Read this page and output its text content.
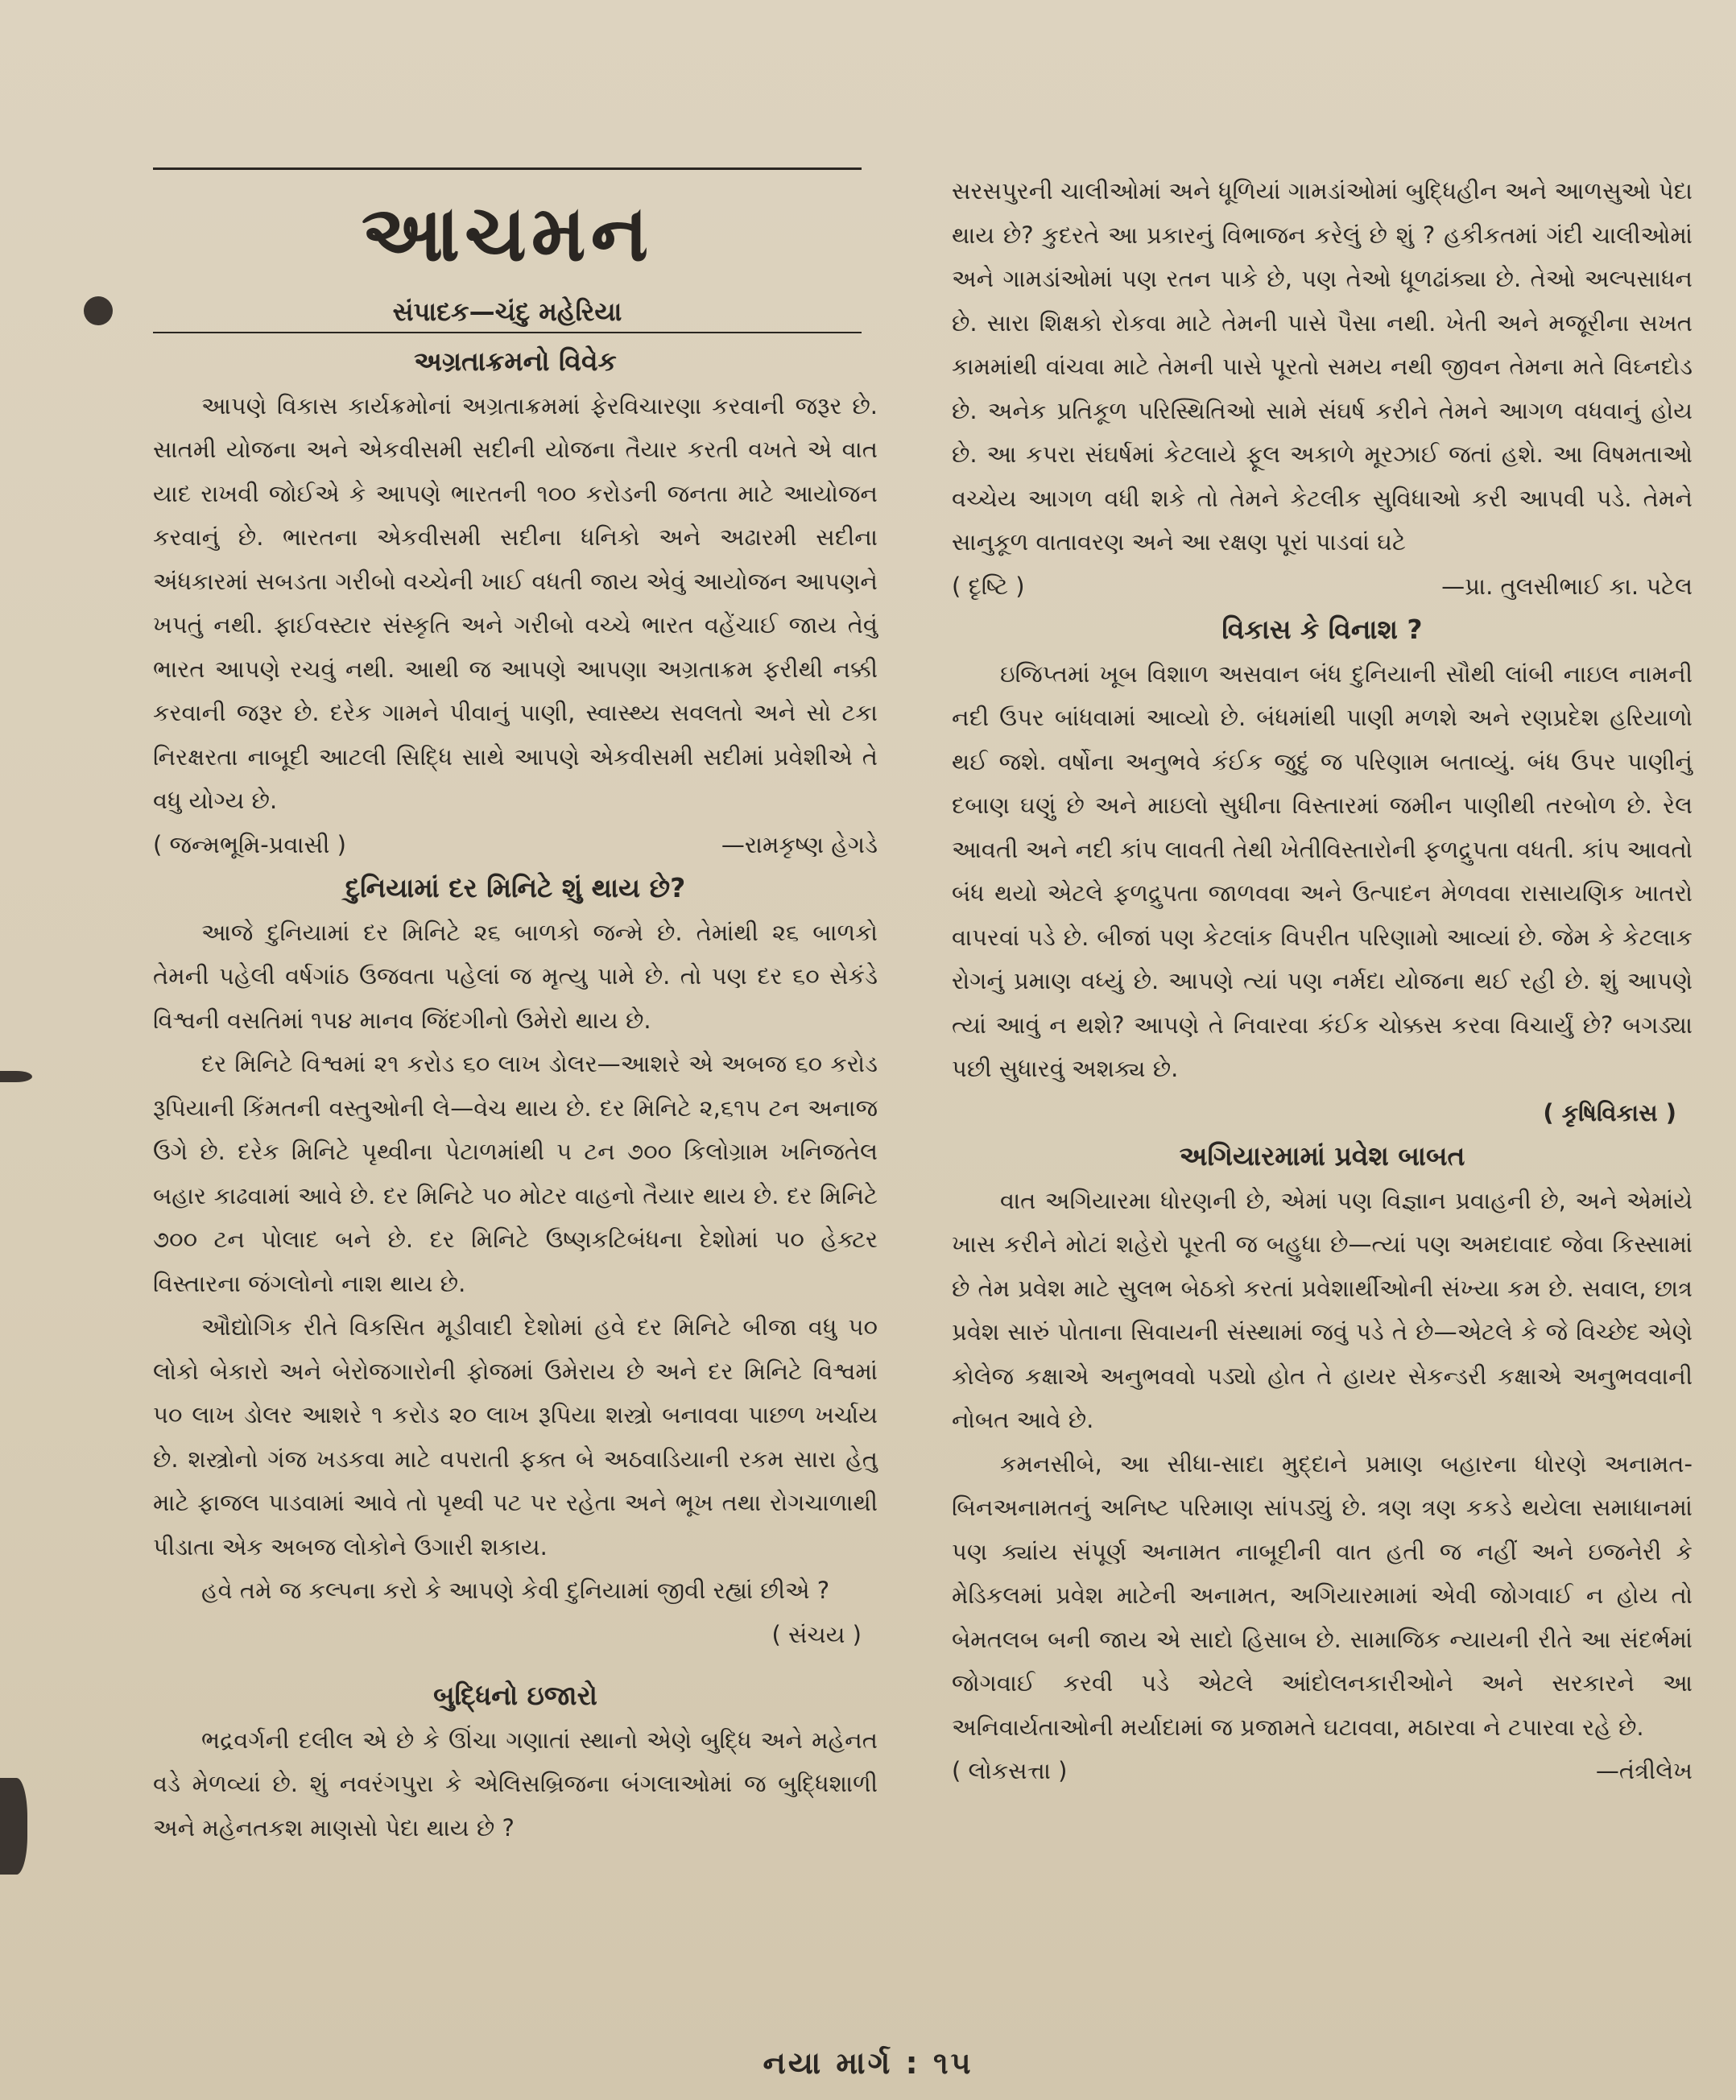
આચમન
સંપાદક—ચંદુ મહેરિયા

અગ્રતાક્રમનો વિવેક

આપણે વિકાસ કાર્યક્રમોનાં અગ્રતાક્રમમાં ફેરવિચારણા કરવાની જરૂર છે. સાતમી યોજના અને એકવીસમી સદીની યોજના તૈયાર કરતી વખતે એ વાત યાદ રાખવી જોઈએ કે આપણે ભારતની ૧૦૦ કરોડની જનતા માટે આયોજન કરવાનું છે. ભારતના એકવીસમી સદીના ધનિકો અને અઢારમી સદીના અંધકારમાં સબડતા ગરીબો વચ્ચેની ખાઈ વધતી જાય એવું આયોજન આપણને ખપતું નથી. ફાઈવસ્ટાર સંસ્કૃતિ અને ગરીબો વચ્ચે ભારત વહેંચાઈ જાય તેવું ભારત આપણે રચવું નથી. આથી જ આપણે આપણા અગ્રતાક્રમ ફરીથી નક્કી કરવાની જરૂર છે. દરેક ગામને પીવાનું પાણી, સ્વાસ્થ્ય સવલતો અને સો ટકા નિરક્ષરતા નાબૂદી આટલી સિદ્ધિ સાથે આપણે એકવીસમી સદીમાં પ્રવેશીએ તે વધુ યોગ્ય છે.

( જન્મભૂમિ-પ્રવાસી )	—રામકૃષ્ણ હેગડે

દુનિયામાં દર મિનિટે શું થાય છે?

આજે દુનિયામાં દર મિનિટે ૨૬ બાળકો જન્મે છે. તેમાંથી ૨૬ બાળકો તેમની પહેલી વર્ષગાંઠ ઉજવતા પહેલાં જ મૃત્યુ પામે છે. તો પણ દર ૬૦ સેકંડે વિશ્વની વસતિમાં ૧૫૪ માનવ જિંદગીનો ઉમેરો થાય છે.

દર મિનિટે વિશ્વમાં ૨૧ કરોડ ૬૦ લાખ ડોલર—આશરે એ અબજ ૬૦ કરોડ રૂપિયાની કિંમતની વસ્તુઓની લે—વેચ થાય છે. દર મિનિટે ૨,૬૧૫ ટન અનાજ ઉગે છે. દરેક મિનિટે પૃથ્વીના પેટાળમાંથી ૫ ટન ૭૦૦ કિલોગ્રામ ખનિજતેલ બહાર કાઢવામાં આવે છે. દર મિનિટે ૫૦ મોટર વાહનો તૈયાર થાય છે. દર મિનિટે ૭૦૦ ટન પોલાદ બને છે. દર મિનિટે ઉષ્ણકટિબંધના દેશોમાં ૫૦ હેક્ટર વિસ્તારના જંગલોનો નાશ થાય છે.

ઔદ્યોગિક રીતે વિકસિત મૂડીવાદી દેશોમાં હવે દર મિનિટે બીજા વધુ ૫૦ લોકો બેકારો અને બેરોજગારોની ફોજમાં ઉમેરાય છે અને દર મિનિટે વિશ્વમાં ૫૦ લાખ ડોલર આશરે ૧ કરોડ ૨૦ લાખ રૂપિયા શસ્ત્રો બનાવવા પાછળ ખર્ચાય છે. શસ્ત્રોનો ગંજ ખડકવા માટે વપરાતી ફક્ત બે અઠવાડિયાની રકમ સારા હેતુ માટે ફાજલ પાડવામાં આવે તો પૃથ્વી પટ પર રહેતા અને ભૂખ તથા રોગચાળાથી પીડાતા એક અબજ લોકોને ઉગારી શકાય.

હવે તમે જ કલ્પના કરો કે આપણે કેવી દુનિયામાં જીવી રહ્યાં છીએ ?

( સંચય )

બુદ્ધિનો ઇજારો

ભદ્રવર્ગની દલીલ એ છે કે ઊંચા ગણાતાં સ્થાનો એણે બુદ્ધિ અને મહેનત વડે મેળવ્યાં છે. શું નવરંગપુરા કે એલિસબ્રિજના બંગલાઓમાં જ બુદ્ધિશાળી અને મહેનતકશ માણસો પેદા થાય છે ?

સરસપુરની ચાલીઓમાં અને ધૂળિયાં ગામડાંઓમાં બુદ્ધિહીન અને આળસુઓ પેદા થાય છે? કુદરતે આ પ્રકારનું વિભાજન કરેલું છે શું ? હકીકતમાં ગંદી ચાલીઓમાં અને ગામડાંઓમાં પણ રતન પાકે છે, પણ તેઓ ધૂળઢાંક્યા છે. તેઓ અલ્પસાધન છે. સારા શિક્ષકો રોકવા માટે તેમની પાસે પૈસા નથી. ખેતી અને મજૂરીના સખત કામમાંથી વાંચવા માટે તેમની પાસે પૂરતો સમય નથી જીવન તેમના મતે વિઘ્નદોડ છે. અનેક પ્રતિકૂળ પરિસ્થિતિઓ સામે સંઘર્ષ કરીને તેમને આગળ વધવાનું હોય છે. આ કપરા સંઘર્ષમાં કેટલાયે ફૂલ અકાળે મૂરઝાઈ જતાં હશે. આ વિષમતાઓ વચ્ચેય આગળ વધી શકે તો તેમને કેટલીક સુવિધાઓ કરી આપવી પડે. તેમને સાનુકૂળ વાતાવરણ અને આ રક્ષણ પૂરાં પાડવાં ઘટે

( દૃષ્ટિ )	—પ્રા. તુલસીભાઈ કા. પટેલ

વિકાસ કે વિનાશ ?

ઇજિપ્તમાં ખૂબ વિશાળ અસવાન બંધ દુનિયાની સૌથી લાંબી નાઇલ નામની નદી ઉપર બાંધવામાં આવ્યો છે. બંધમાંથી પાણી મળશે અને રણપ્રદેશ હરિયાળો થઈ જશે. વર્ષોના અનુભવે કંઈક જુદું જ પરિણામ બતાવ્યું. બંધ ઉપર પાણીનું દબાણ ઘણું છે અને માઇલો સુધીના વિસ્તારમાં જમીન પાણીથી તરબોળ છે. રેલ આવતી અને નદી કાંપ લાવતી તેથી ખેતીવિસ્તારોની ફળદ્રુપતા વધતી. કાંપ આવતો બંધ થયો એટલે ફળદ્રુપતા જાળવવા અને ઉત્પાદન મેળવવા રાસાયણિક ખાતરો વાપરવાં પડે છે. બીજાં પણ કેટલાંક વિપરીત પરિણામો આવ્યાં છે. જેમ કે કેટલાક રોગનું પ્રમાણ વધ્યું છે. આપણે ત્યાં પણ નર્મદા યોજના થઈ રહી છે. શું આપણે ત્યાં આવું ન થશે? આપણે તે નિવારવા કંઈક ચોક્કસ કરવા વિચાર્યું છે? બગડ્યા પછી સુધારવું અશક્ય છે.

( કૃષિવિકાસ )

અગિયારમામાં પ્રવેશ બાબત

વાત અગિયારમા ધોરણની છે, એમાં પણ વિજ્ઞાન પ્રવાહની છે, અને એમાંયે ખાસ કરીને મોટાં શહેરો પૂરતી જ બહુધા છે—ત્યાં પણ અમદાવાદ જેવા કિસ્સામાં છે તેમ પ્રવેશ માટે સુલભ બેઠકો કરતાં પ્રવેશાર્થીઓની સંખ્યા કમ છે. સવાલ, છાત્ર પ્રવેશ સારું પોતાના સિવાયની સંસ્થામાં જવું પડે તે છે—એટલે કે જે વિચ્છેદ એણે કોલેજ કક્ષાએ અનુભવવો પડ્યો હોત તે હાયર સેકન્ડરી કક્ષાએ અનુભવવાની નોબત આવે છે.

કમનસીબે, આ સીધા-સાદા મુદ્દાને પ્રમાણ બહારના ધોરણે અનામત-બિનઅનામતનું અનિષ્ટ પરિમાણ સાંપડ્યું છે. ત્રણ ત્રણ કકડે થયેલા સમાધાનમાં પણ ક્યાંય સંપૂર્ણ અનામત નાબૂદીની વાત હતી જ નહીં અને ઇજનેરી કે મેડિકલમાં પ્રવેશ માટેની અનામત, અગિયારમામાં એવી જોગવાઈ ન હોય તો બેમતલબ બની જાય એ સાદો હિસાબ છે. સામાજિક ન્યાયની રીતે આ સંદર્ભમાં જોગવાઈ કરવી પડે એટલે આંદોલનકારીઓને અને સરકારને આ અનિવાર્યતાઓની મર્યાદામાં જ પ્રજામતે ઘટાવવા, મઠારવા ને ટપારવા રહે છે.

( લોકસત્તા )	—તંત્રીલેખ
નયા માર્ગ : ૧૫
